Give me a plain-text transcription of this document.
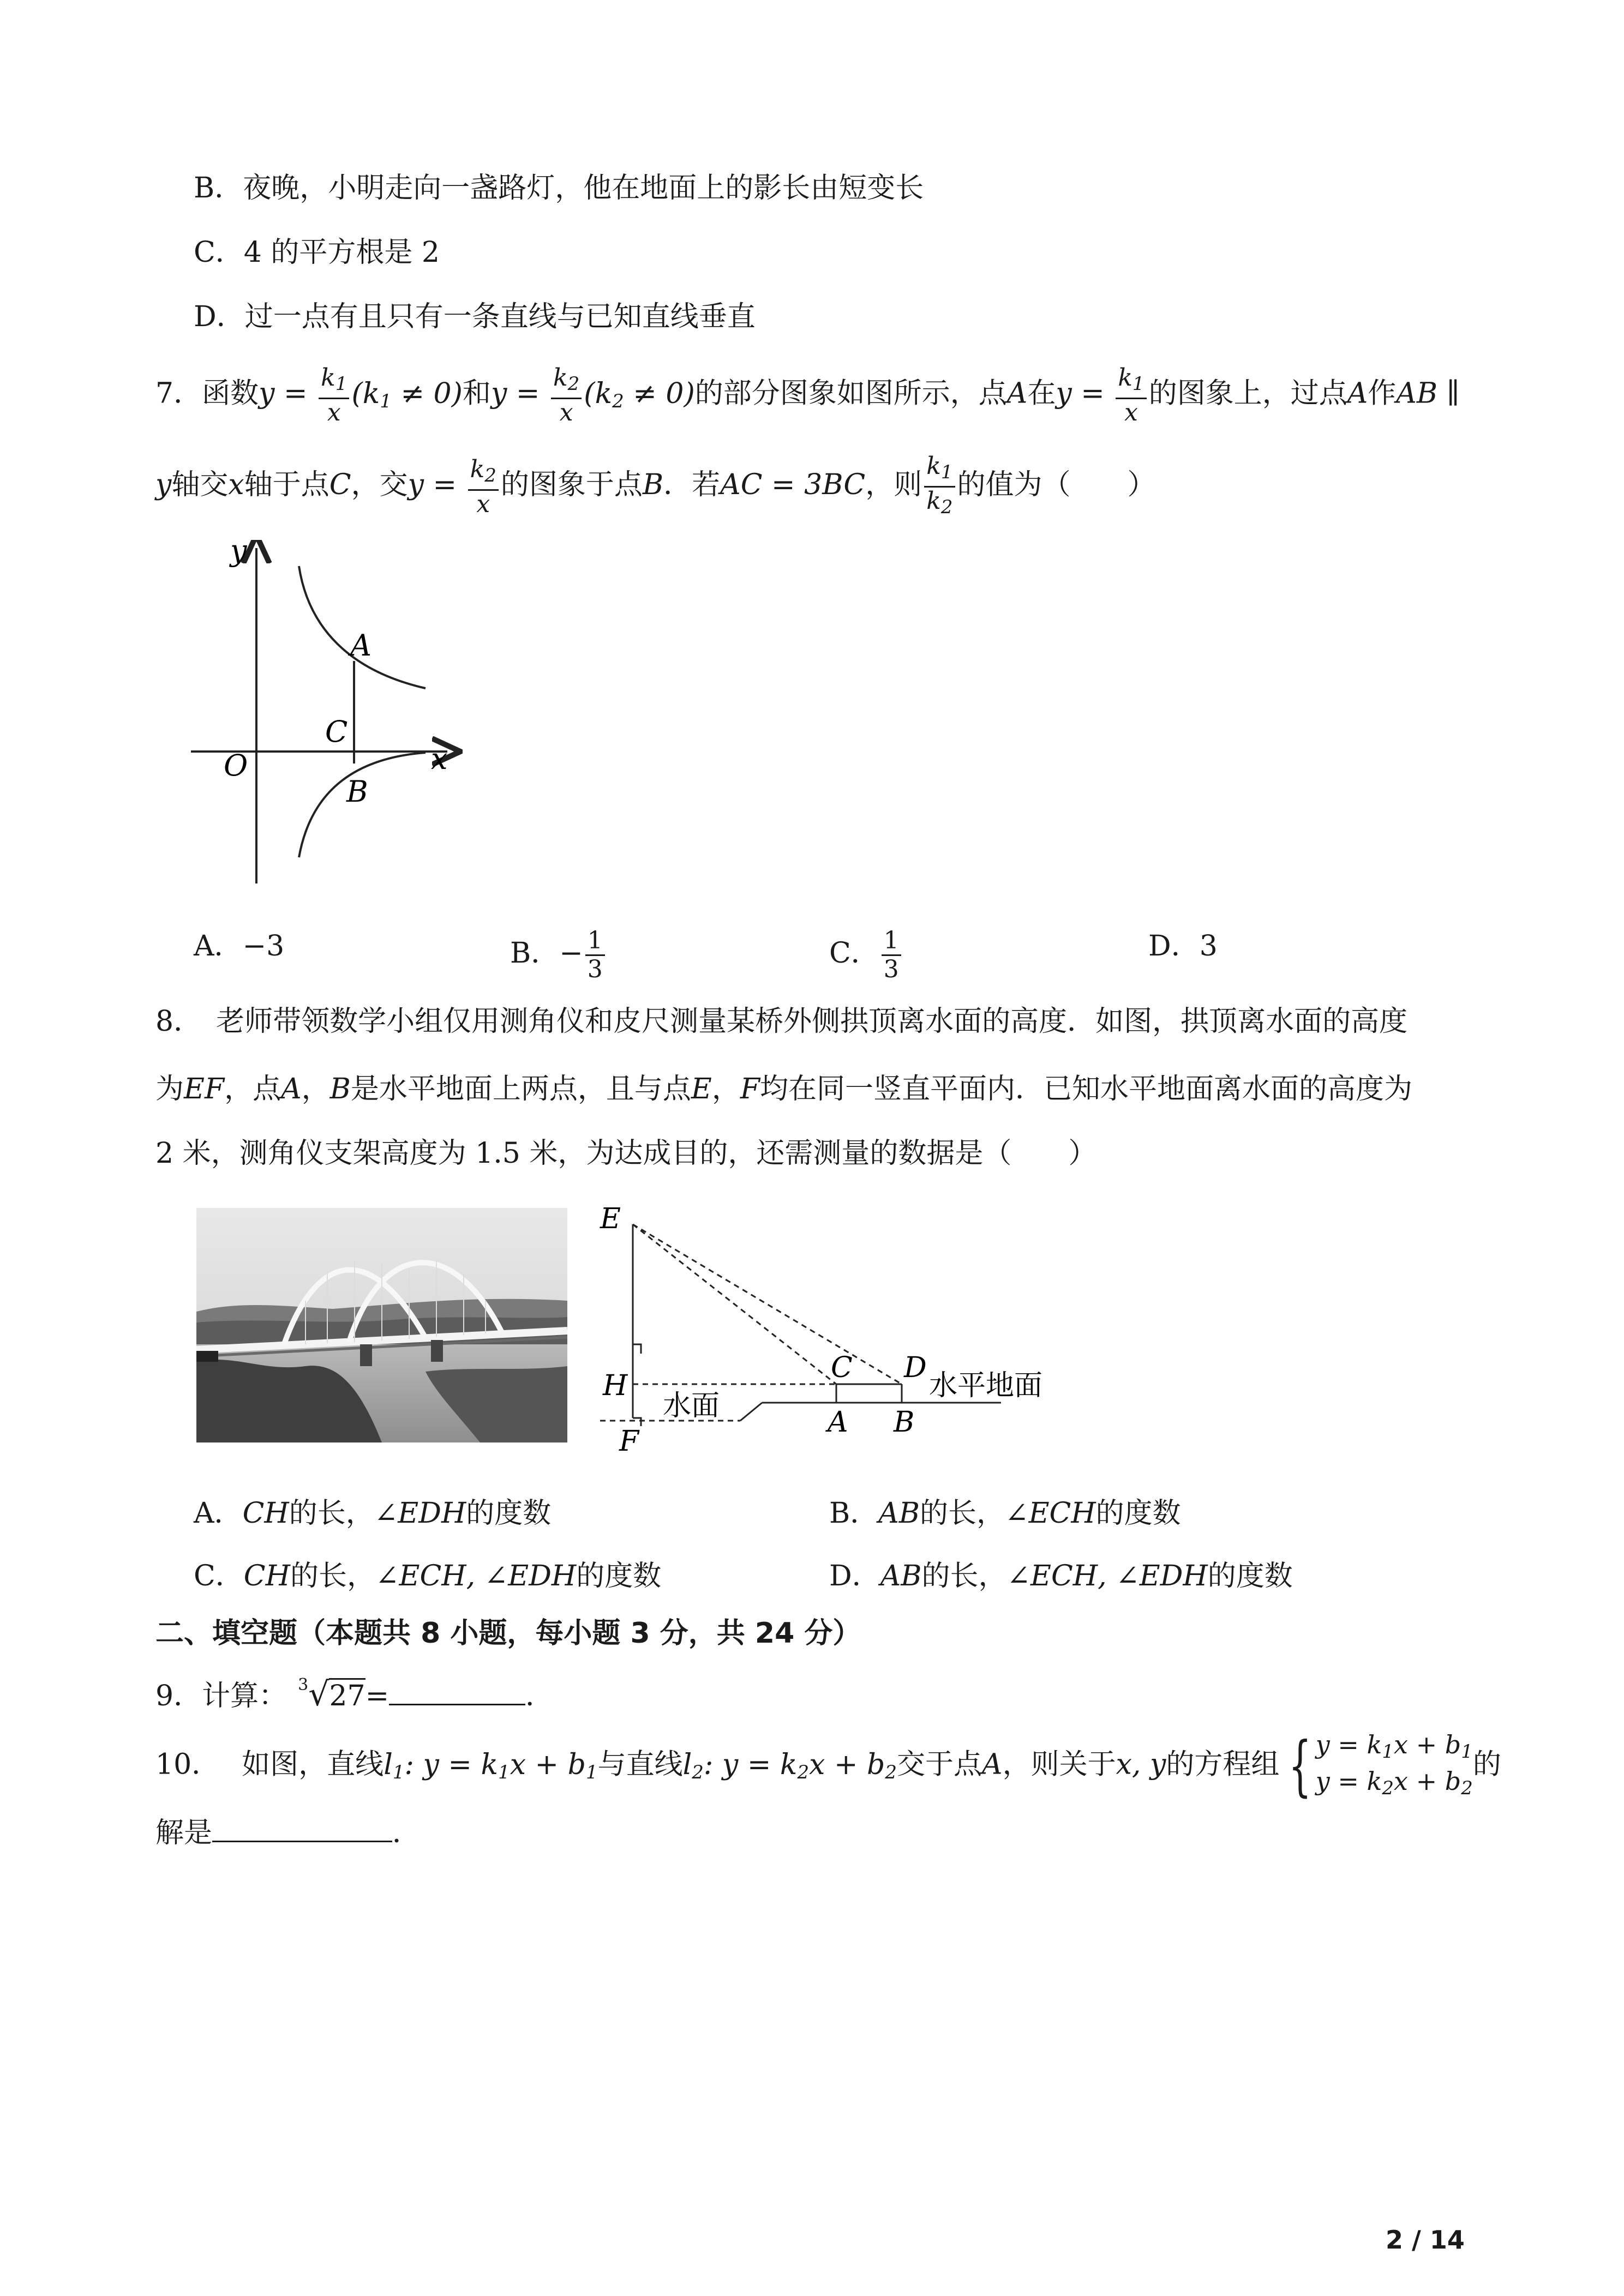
B．夜晚，小明走向一盏路灯，他在地面上的影长由短变长
C．4 的平方根是 2
D．过一点有且只有一条直线与已知直线垂直
7．函数$y = \frac{k_1}{x} (k_1 \ne 0)$和$y = \frac{k_2}{x} (k_2 \ne 0)$的部分图象如图所示，点A在$y = \frac{k_1}{x}$ 的图象上，过点A作AB ∥
y轴交x轴于点C，交$y = \frac{k_2}{x}$ 的图象于点B．若AC = 3BC，则 $\frac{k_1}{k_2}$ 的值为（　　）
y
x
O
A
C
B
A．−3	B．− $\frac{1}{3}$	C． $\frac{1}{3}$	D．3
8．　老师带领数学小组仅用测角仪和皮尺测量某桥外侧拱顶离水面的高度．如图，拱顶离水面的高度
为EF，点A，B是水平地面上两点，且与点E，F均在同一竖直平面内．已知水平地面离水面的高度为
2 米，测角仪支架高度为 1.5 米，为达成目的，还需测量的数据是（　　）
E
C D
H
A B
F
水平地面
水面
A．CH的长，∠EDH的度数	B．AB的长，∠ECH的度数
C．CH的长，∠ECH, ∠EDH的度数	D．AB的长，∠ECH, ∠EDH的度数
二、填空题（本题共 8 小题，每小题 3 分，共 24 分）
9．计算： $^3$√27=	．
10． 如图，直线$l_1$: $y = k_1x + b_1$与直线$l_2$: $y = k_2x + b_2$交于点A，则关于x, y的方程组 { $y = k_1x + b_1$
$y = k_2x + b_2$
的
解是	．
2 / 14
